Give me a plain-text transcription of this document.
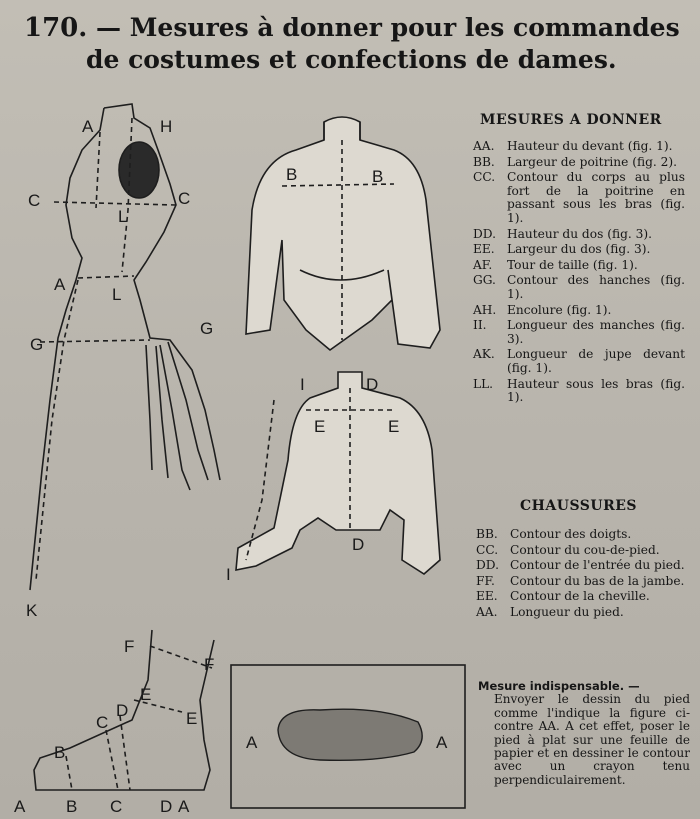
170. — Mesures à donner pour les commandes
de costumes et confections de dames.
A	H
C	C
L
A
L
G
G
K
B	B
I	D
E	E
D
I
F
F
E
E
D
C
B
A B C D A
A	A
MESURES A DONNER
AA.	Hauteur du devant (fig. 1).
BB.	Largeur de poitrine (fig. 2).
CC. Contour du corps au plus fort de la poitrine en passant sous les bras (fig. 1).
DD. Hauteur du dos (fig. 3).
EE.	Largeur du dos (fig. 3).
AF.	Tour de taille (fig. 1).
GG. Contour des hanches (fig. 1).
AH. Encolure (fig. 1).
II.	Longueur des manches (fig. 3).
AK.	Longueur de jupe devant (fig. 1).
LL.	Hauteur sous les bras (fig. 1).
CHAUSSURES
BB.	Contour des doigts.
CC. Contour du cou-de-pied.
DD. Contour de l'entrée du pied.
FF.	Contour du bas de la jambe.
EE.	Contour de la cheville.
AA.	Longueur du pied.
Mesure indispensable. —
Envoyer le dessin du pied comme l'indique la figure ci-contre AA. A cet effet, poser le pied à plat sur une feuille de papier et en dessiner le contour avec un crayon tenu perpendiculairement.
